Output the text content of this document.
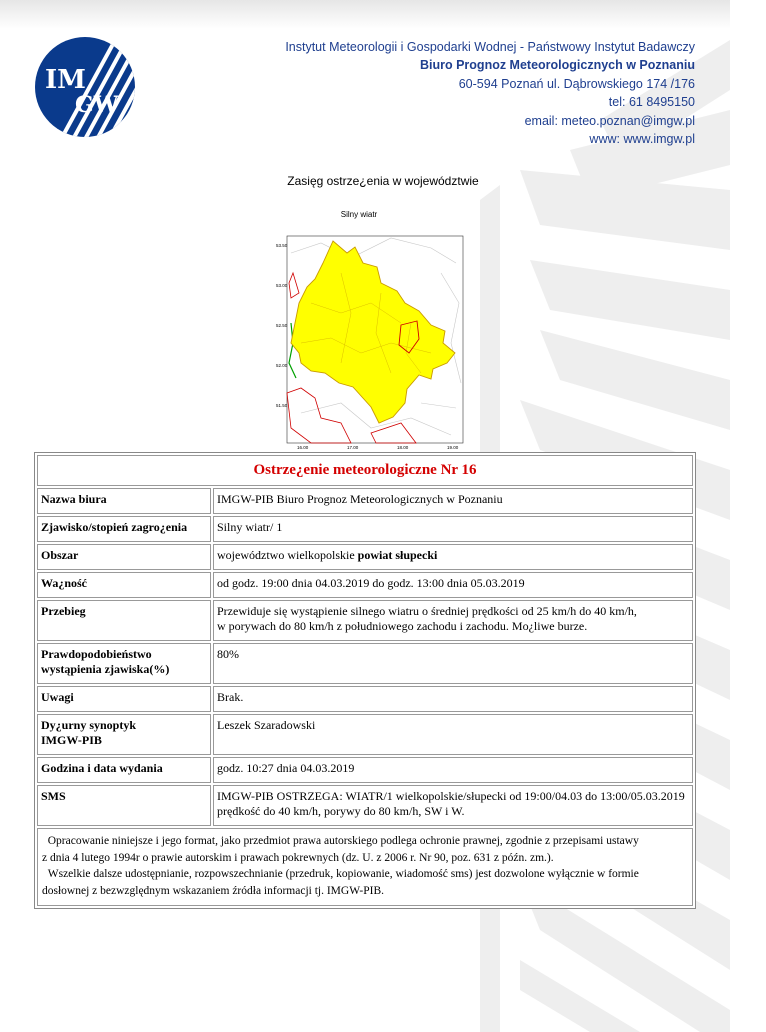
IM
GW
Instytut Meteorologii i Gospodarki Wodnej - Państwowy Instytut Badawczy
Biuro Prognoz Meteorologicznych w Poznaniu
60-594 Poznań ul. Dąbrowskiego 174 /176
tel: 61 8495150
email: meteo.poznan@imgw.pl
www: www.imgw.pl
Zasięg ostrze¿enia w województwie
Silny wiatr
53.50
53.00
52.50
52.00
51.50
16.00	17.00	18.00	19.00
Ostrze¿enie meteorologiczne Nr 16	
Nazwa biura	IMGW-PIB Biuro Prognoz Meteorologicznych w Poznaniu
Zjawisko/stopień zagro¿enia	Silny wiatr/ 1
Obszar	województwo wielkopolskie powiat słupecki
Wa¿ność	od godz. 19:00 dnia 04.03.2019 do godz. 13:00 dnia 05.03.2019
Przebieg	Przewiduje się wystąpienie silnego wiatru o średniej prędkości od 25 km/h do 40 km/h,
w porywach do 80 km/h z południowego zachodu i zachodu. Mo¿liwe burze.

Prawdopodobieństwo
wystąpienia zjawiska(%)	80%
Uwagi	Brak.

Dy¿urny synoptyk
IMGW-PIB	Leszek Szaradowski
Godzina i data wydania	godz. 10:27 dnia 04.03.2019
SMS	IMGW-PIB OSTRZEGA: WIATR/1 wielkopolskie/słupecki od 19:00/04.03 do 13:00/05.03.2019
prędkość do 40 km/h, porywy do 80 km/h, SW i W.

Opracowanie niniejsze i jego format, jako przedmiot prawa autorskiego podlega ochronie prawnej, zgodnie z przepisami ustawy
z dnia 4 lutego 1994r o prawie autorskim i prawach pokrewnych (dz. U. z 2006 r. Nr 90, poz. 631 z późn. zm.).
Wszelkie dalsze udostępnianie, rozpowszechnianie (przedruk, kopiowanie, wiadomość sms) jest dozwolone wyłącznie w formie
dosłownej z bezwzględnym wskazaniem źródła informacji tj. IMGW-PIB.	
